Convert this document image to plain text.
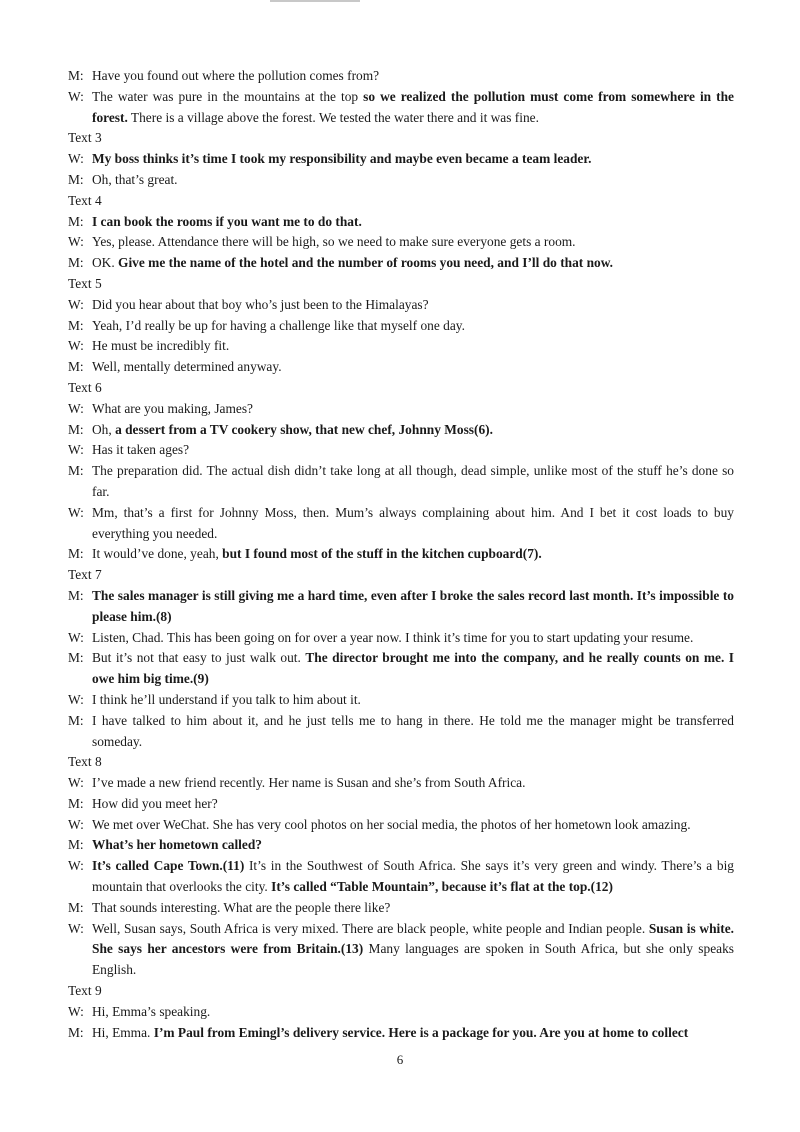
M: Have you found out where the pollution comes from?

W: The water was pure in the mountains at the top so we realized the pollution must come from somewhere in the forest. There is a village above the forest. We tested the water there and it was fine.

Text 3

W: My boss thinks it’s time I took my responsibility and maybe even became a team leader.

M: Oh, that’s great.

Text 4

M: I can book the rooms if you want me to do that.

W: Yes, please. Attendance there will be high, so we need to make sure everyone gets a room.

M: OK. Give me the name of the hotel and the number of rooms you need, and I’ll do that now.

Text 5

W: Did you hear about that boy who’s just been to the Himalayas?

M: Yeah, I’d really be up for having a challenge like that myself one day.

W: He must be incredibly fit.

M: Well, mentally determined anyway.

Text 6

W: What are you making, James?

M: Oh, a dessert from a TV cookery show, that new chef, Johnny Moss(6).

W: Has it taken ages?

M: The preparation did. The actual dish didn’t take long at all though, dead simple, unlike most of the stuff he’s done so far.

W: Mm, that’s a first for Johnny Moss, then. Mum’s always complaining about him. And I bet it cost loads to buy everything you needed.

M: It would’ve done, yeah, but I found most of the stuff in the kitchen cupboard(7).

Text 7

M: The sales manager is still giving me a hard time, even after I broke the sales record last month. It’s impossible to please him.(8)

W: Listen, Chad. This has been going on for over a year now. I think it’s time for you to start updating your resume.

M: But it’s not that easy to just walk out. The director brought me into the company, and he really counts on me. I owe him big time.(9)

W: I think he’ll understand if you talk to him about it.

M: I have talked to him about it, and he just tells me to hang in there. He told me the manager might be transferred someday.

Text 8

W: I’ve made a new friend recently. Her name is Susan and she’s from South Africa.

M: How did you meet her?

W: We met over WeChat. She has very cool photos on her social media, the photos of her hometown look amazing.

M: What’s her hometown called?

W: It’s called Cape Town.(11) It’s in the Southwest of South Africa. She says it’s very green and windy. There’s a big mountain that overlooks the city. It’s called “Table Mountain”, because it’s flat at the top.(12)

M: That sounds interesting. What are the people there like?

W: Well, Susan says, South Africa is very mixed. There are black people, white people and Indian people. Susan is white. She says her ancestors were from Britain.(13) Many languages are spoken in South Africa, but she only speaks English.

Text 9

W: Hi, Emma’s speaking.

M: Hi, Emma. I’m Paul from Emingl’s delivery service. Here is a package for you. Are you at home to collect

6
